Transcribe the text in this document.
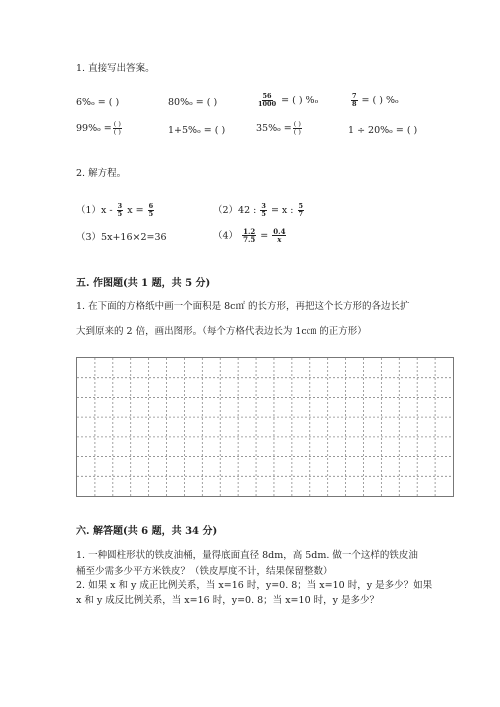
1. 直接写出答案。
6%ₒ = ( )	80%ₒ = ( )	$\frac{56}{1000}$ = ( ) %ₒ	$\frac{7}{8}$ = ( ) %ₒ
$99\%_o = \frac{( )}{( )}$	1+5%ₒ = ( )	$35\%_o = \frac{( )}{( )}$	1 ÷ 20%ₒ = ( )
2. 解方程。
$(1)x - \frac{3}{5}$ $x = \frac{6}{5}$	（2）42 : $\frac{3}{5} = x$ : $\frac{5}{7}$
（3）5x+16×2=36	$(4) \frac{1.2}{7.5} = \frac{0.4}{x}$
五. 作图题(共 1 题，共 5 分)
1. 在下面的方格纸中画一个面积是 8c㎡ 的长方形，再把这个长方形的各边长扩
大到原来的 2 倍，画出图形。（每个方格代表边长为 1c㎝ 的正方形）
六. 解答题(共 6 题，共 34 分)
1. 一种圆柱形状的铁皮油桶，量得底面直径 8dm，高 5dm. 做一个这样的铁皮油
桶至少需多少平方米铁皮？（铁皮厚度不计，结果保留整数）
2. 如果 x 和 y 成正比例关系，当 x=16 时，y=0. 8；当 x=10 时，y 是多少？如果
x 和 y 成反比例关系，当 x=16 时，y=0. 8；当 x=10 时，y 是多少？
